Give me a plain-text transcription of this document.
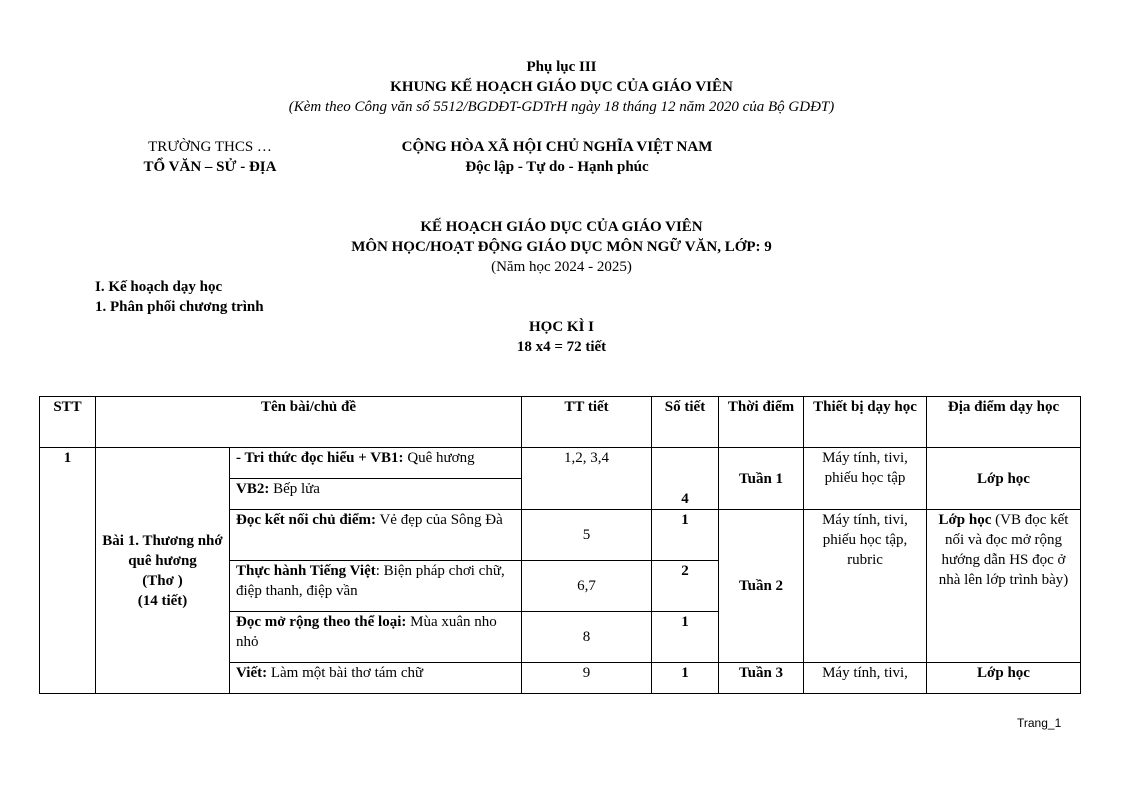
Phụ lục III
KHUNG KẾ HOẠCH GIÁO DỤC CỦA GIÁO VIÊN
(Kèm theo Công văn số 5512/BGDĐT-GDTrH ngày 18 tháng 12 năm 2020 của Bộ GDĐT)
TRƯỜNG THCS …
TỔ VĂN – SỬ - ĐỊA
CỘNG HÒA XÃ HỘI CHỦ NGHĨA VIỆT NAM
Độc lập - Tự do - Hạnh phúc
KẾ HOẠCH GIÁO DỤC CỦA GIÁO VIÊN
MÔN HỌC/HOẠT ĐỘNG GIÁO DỤC MÔN NGỮ VĂN, LỚP: 9
(Năm học 2024 - 2025)
I. Kế hoạch dạy học
1. Phân phối chương trình
HỌC KÌ I
18 x4 = 72 tiết
STT	Tên bài/chủ đề		TT tiết	Số tiết	Thời điểm	Thiết bị dạy học	Địa điểm dạy học
1	Bài 1. Thương nhớ quê hương
(Thơ )
(14 tiết)	- Tri thức đọc hiểu + VB1: Quê hương	1,2, 3,4	4	Tuần 1	Máy tính, tivi, phiếu học tập	Lớp học
		VB2: Bếp lửa					
		Đọc kết nối chủ điểm: Vẻ đẹp của Sông Đà	5	1	Tuần 2	Máy tính, tivi, phiếu học tập, rubric	Lớp học (VB đọc kết nối và đọc mở rộng hướng dẫn HS đọc ở nhà lên lớp trình bày)
		Thực hành Tiếng Việt: Biện pháp chơi chữ, điệp thanh, điệp vần	6,7	2			
		Đọc mở rộng theo thể loại: Mùa xuân nho nhỏ	8	1			
		Viết: Làm một bài thơ tám chữ	9	1	Tuần 3	Máy tính, tivi,	Lớp học
Trang_1
